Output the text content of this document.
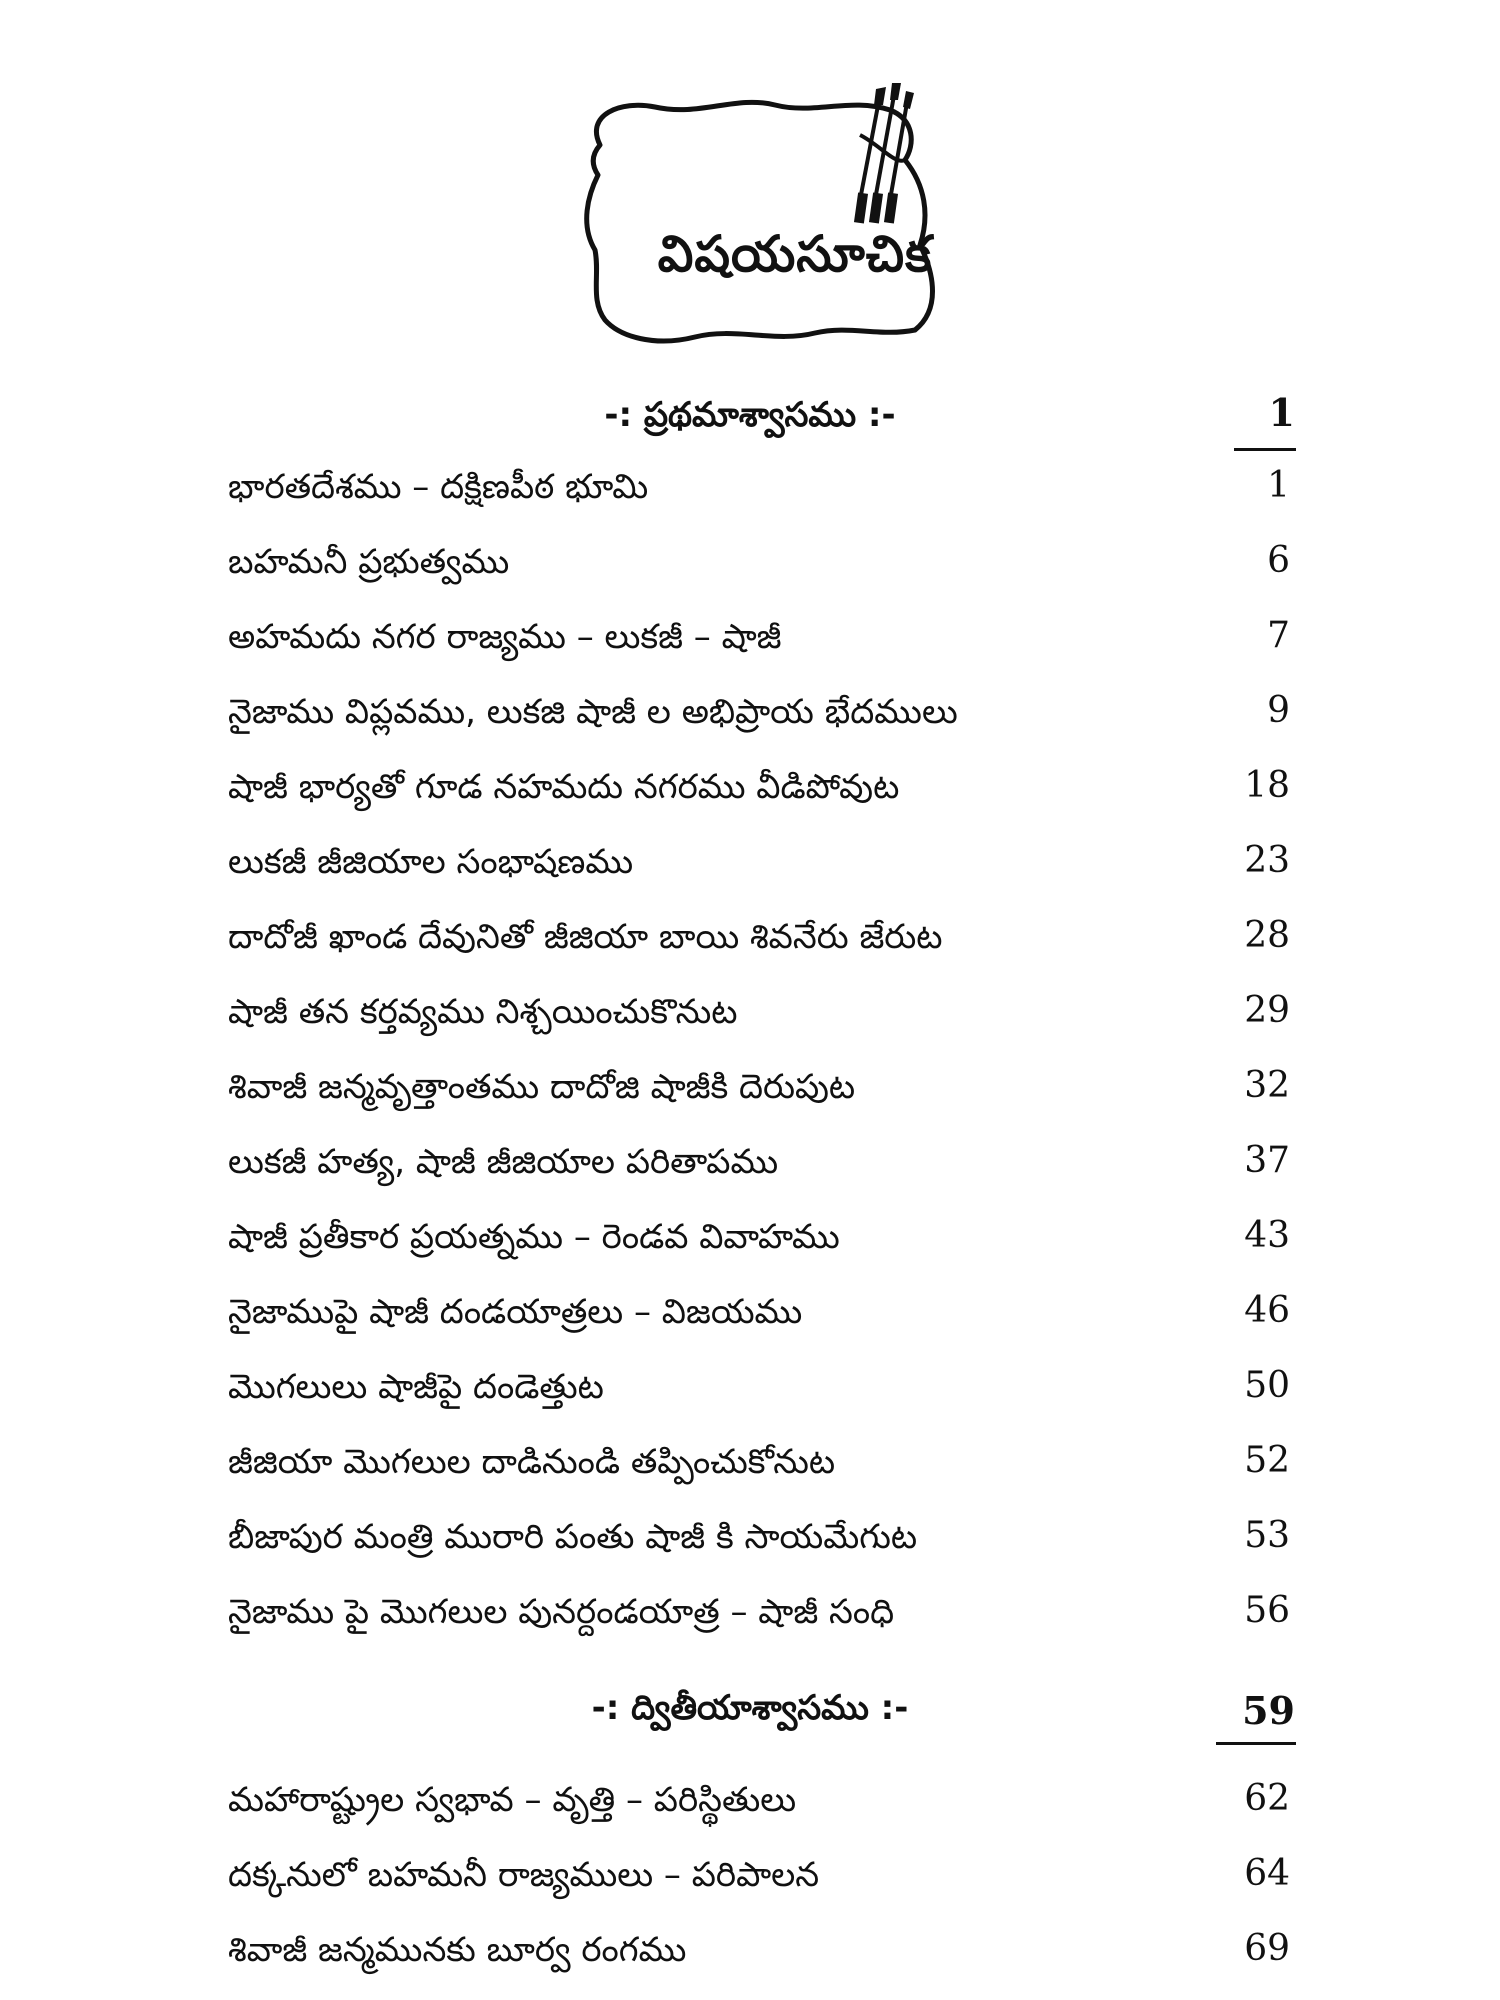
విషయసూచిక
-: ప్రథమాశ్వాసము :-	1
భారతదేశము – దక్షిణపీఠ భూమి	1
బహమనీ ప్రభుత్వము	6
అహమదు నగర రాజ్యము – లుకజీ – షాజీ	7
నైజాము విప్లవము, లుకజి షాజీ ల అభిప్రాయ భేదములు	9
షాజీ భార్యతో గూడ నహమదు నగరము వీడిపోవుట	18
లుకజీ జీజియాల సంభాషణము	23
దాదోజీ ఖాండ దేవునితో జీజియా బాయి శివనేరు జేరుట	28
షాజీ తన కర్తవ్యము నిశ్చయించుకొనుట	29
శివాజీ జన్మవృత్తాంతము దాదోజి షాజీకి దెరుపుట	32
లుకజీ హత్య, షాజీ జీజియాల పరితాపము	37
షాజీ ప్రతీకార ప్రయత్నము – రెండవ వివాహము	43
నైజాముపై షాజీ దండయాత్రలు – విజయము	46
మొగలులు షాజీపై దండెత్తుట	50
జీజియా మొగలుల దాడినుండి తప్పించుకోనుట	52
బీజాపుర మంత్రి మురారి పంతు షాజీ కి సాయమేగుట	53
నైజాము పై మొగలుల పునర్దండయాత్ర – షాజీ సంధి	56
-: ద్వితీయాశ్వాసము :-	59
మహారాష్ట్రుల స్వభావ – వృత్తి – పరిస్థితులు	62
దక్కనులో బహమనీ రాజ్యములు – పరిపాలన	64
శివాజీ జన్మమునకు బూర్వ రంగము	69
